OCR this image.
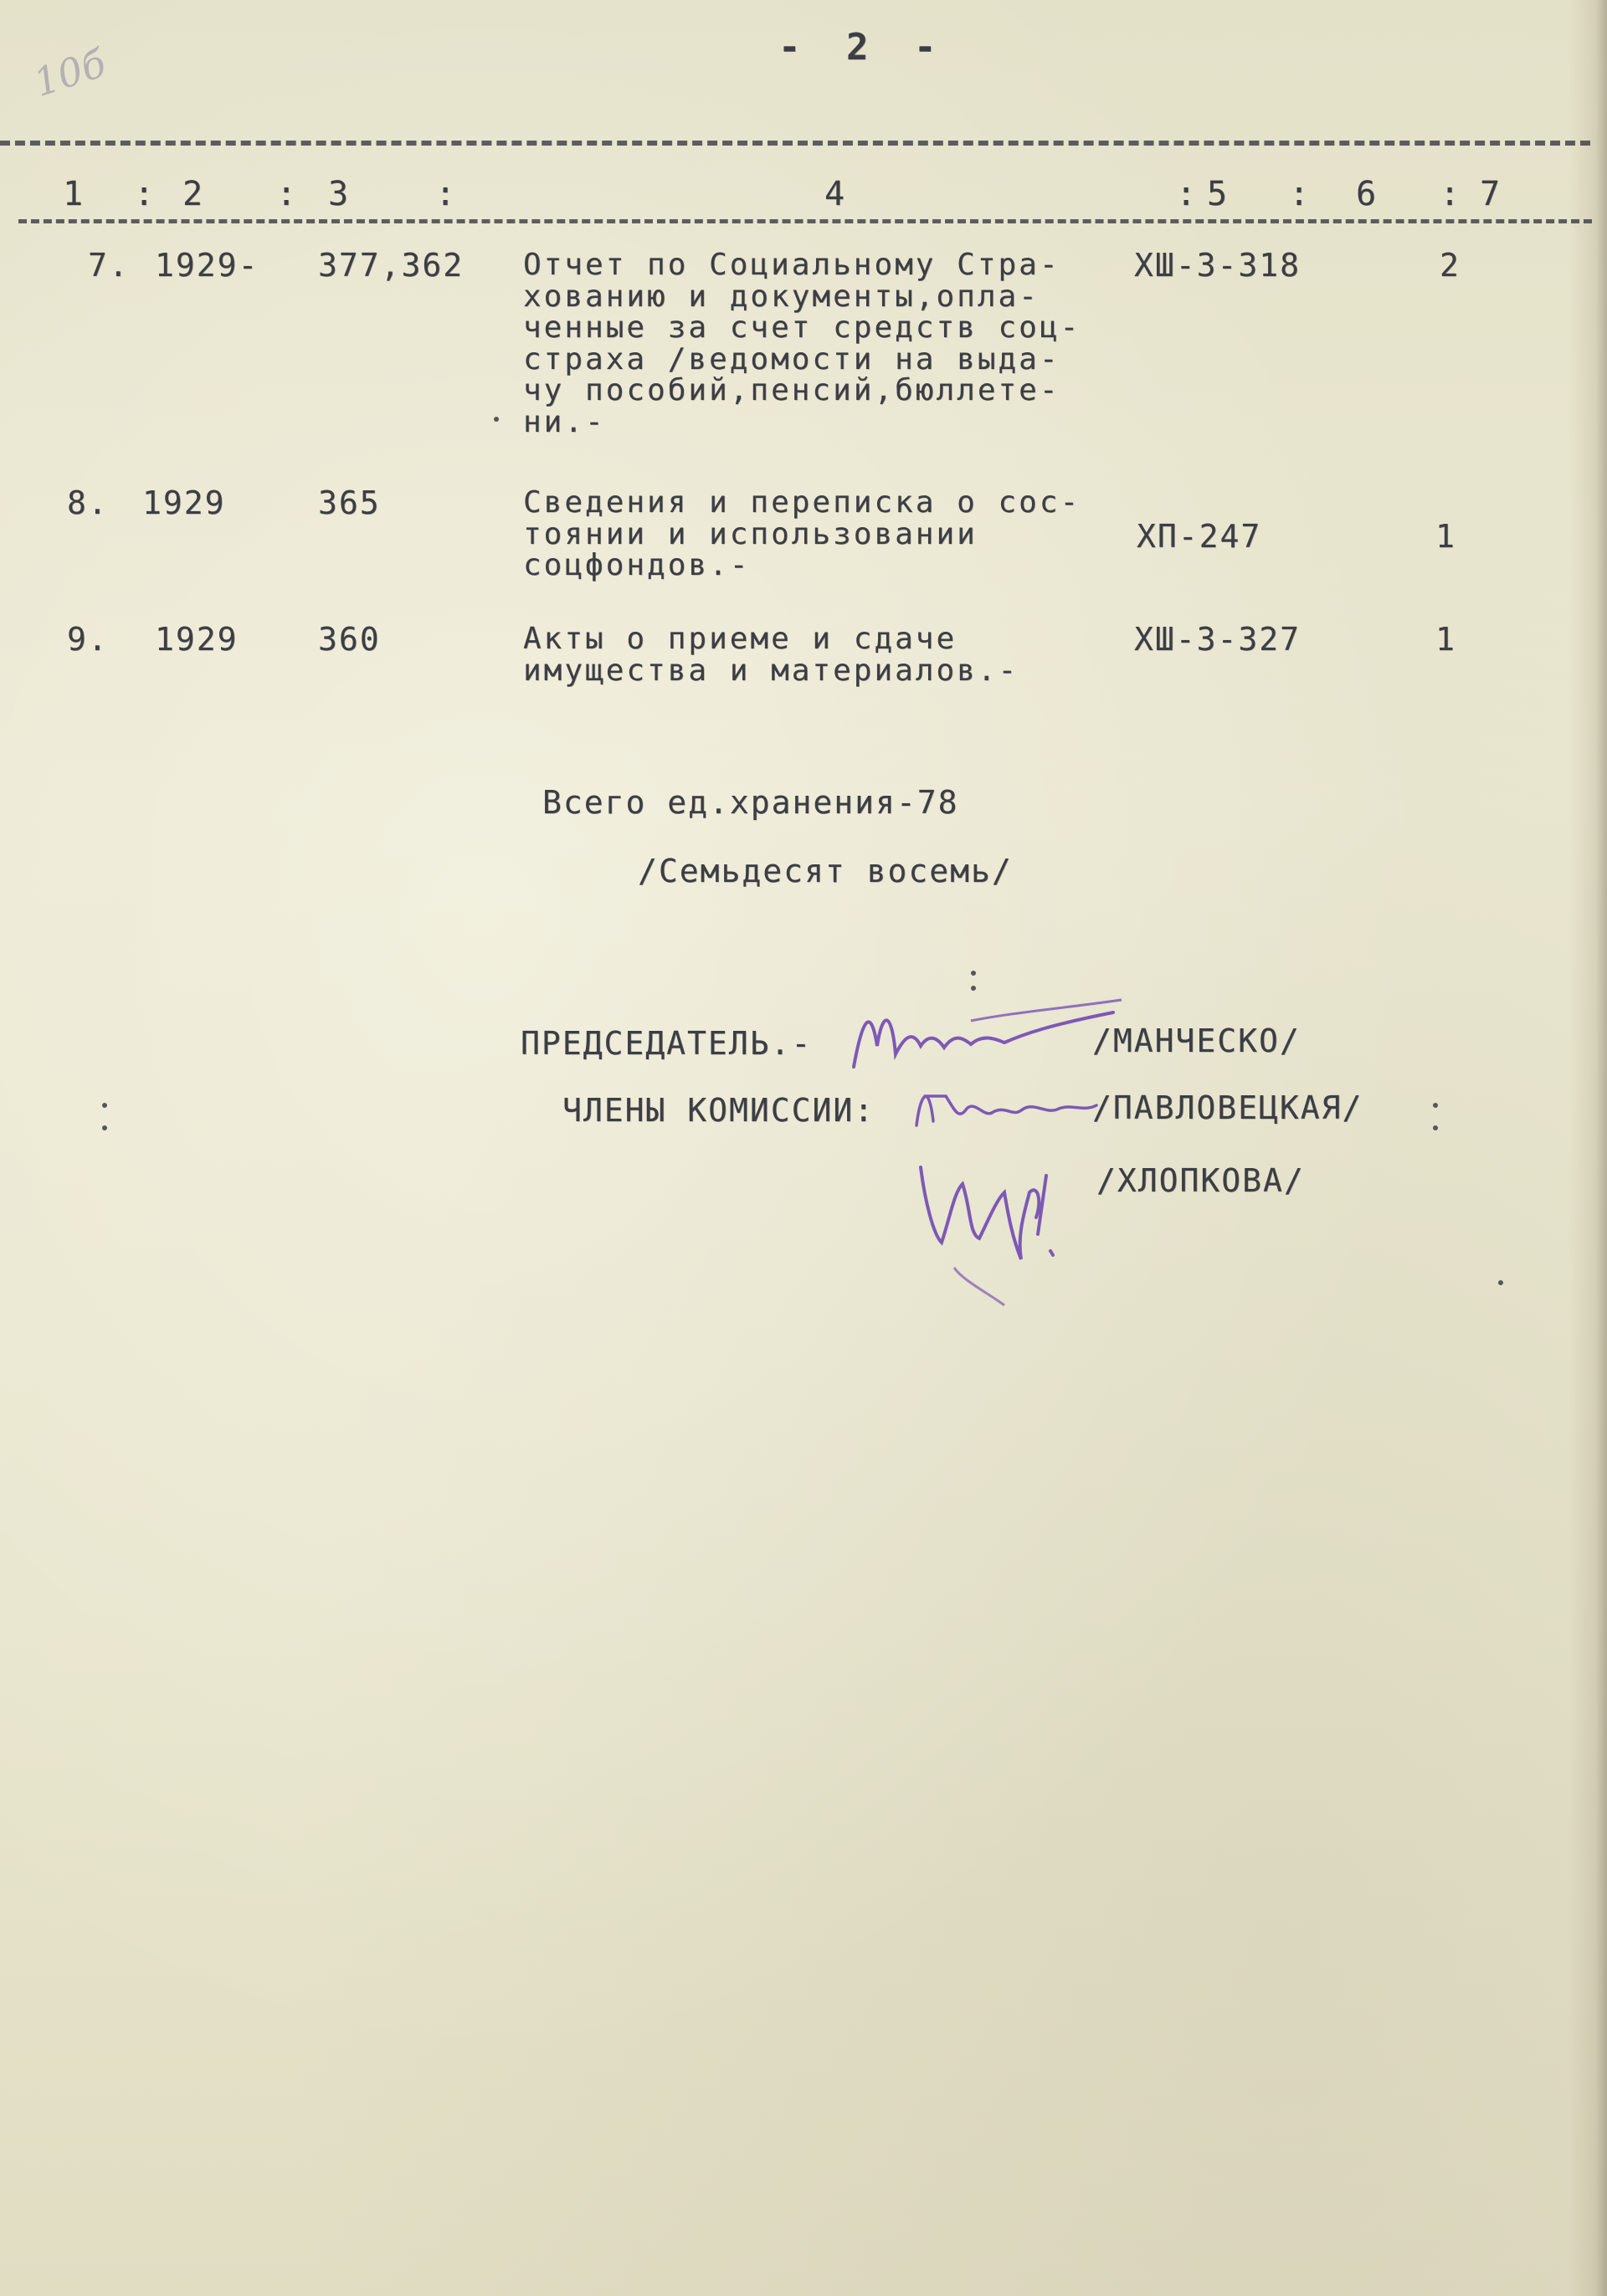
10б	- 2 -
1	2	3	4	5	6	7
:	:	:	:	:	:
7. 1929- 377,362 Отчет по Социальному Стра-
хованию и документы,опла-
ченные за счет средств соц-
страха /ведомости на выда-
чу пособий,пенсий,бюллете-
ни.-
ХШ-3-318	2
8. 1929	365	Сведения и переписка о сос-
тоянии и использовании
соцфондов.-
ХП-247	1
9. 1929	360	Акты о приеме и сдаче
имущества и материалов.-
ХШ-3-327	1
Всего ед.хранения-78
/Семьдесят восемь/
ПРЕДСЕДАТЕЛЬ.-	/МАНЧЕСКО/
ЧЛЕНЫ КОМИССИИ:	/ПАВЛОВЕЦКАЯ/
/ХЛОПКОВА/
